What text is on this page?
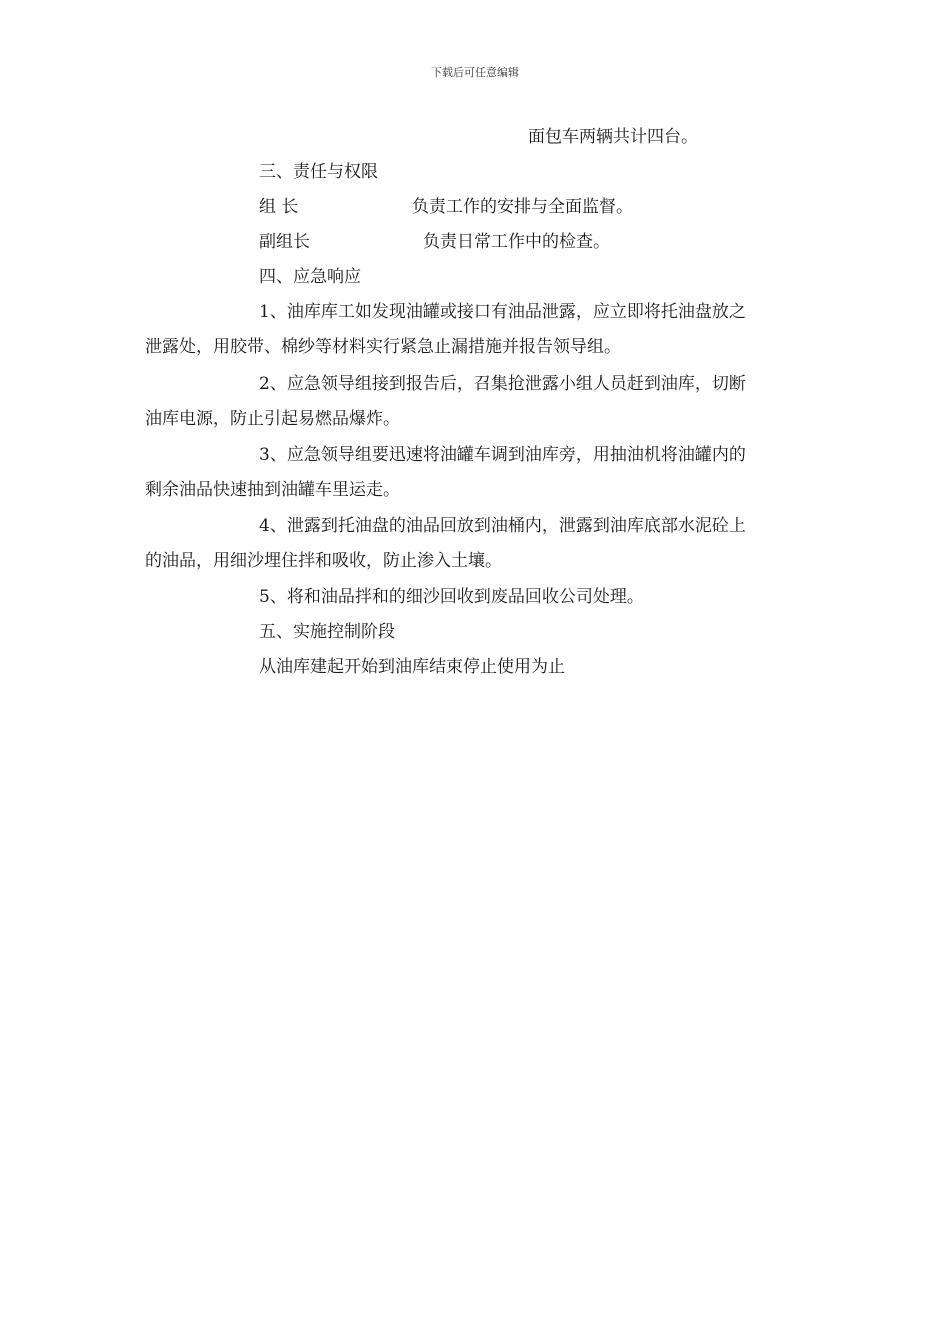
下载后可任意编辑
面包车两辆共计四台。
三、责任与权限
组 长	负责工作的安排与全面监督。
副组长	负责日常工作中的检查。
四、应急响应
1、油库库工如发现油罐或接口有油品泄露，应立即将托油盘放之
泄露处，用胶带、棉纱等材料实行紧急止漏措施并报告领导组。
2、应急领导组接到报告后，召集抢泄露小组人员赶到油库，切断
油库电源，防止引起易燃品爆炸。
3、应急领导组要迅速将油罐车调到油库旁，用抽油机将油罐内的
剩余油品快速抽到油罐车里运走。
4、泄露到托油盘的油品回放到油桶内，泄露到油库底部水泥砼上
的油品，用细沙埋住拌和吸收，防止渗入土壤。
5、将和油品拌和的细沙回收到废品回收公司处理。
五、实施控制阶段
从油库建起开始到油库结束停止使用为止
